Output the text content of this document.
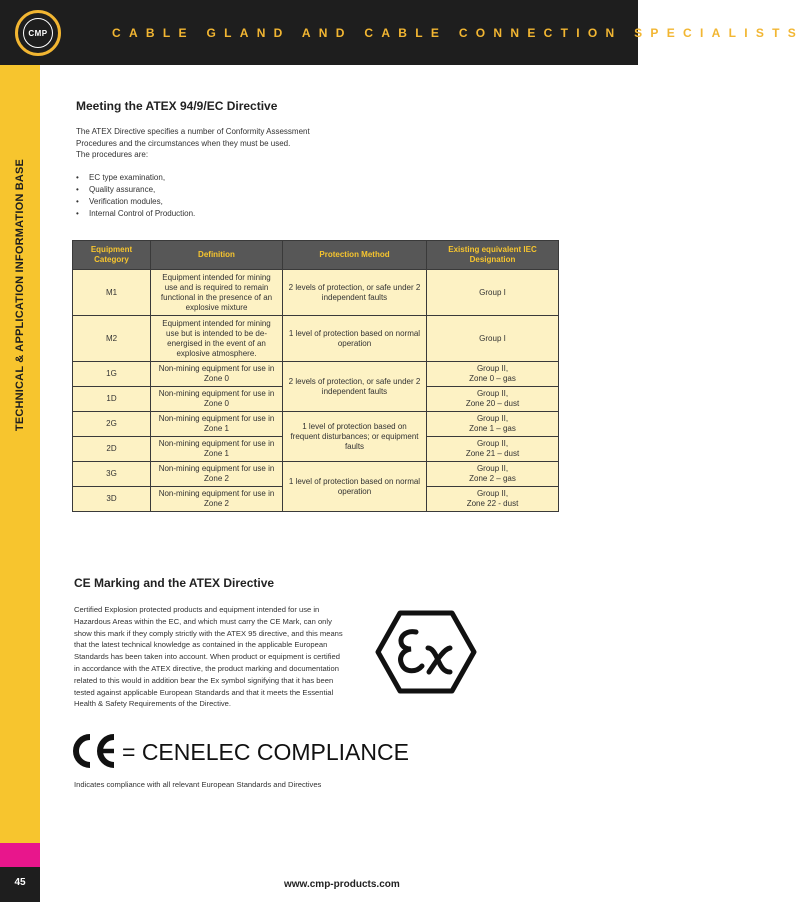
CMP	CABLE GLAND AND CABLE CONNECTION SPECIALISTS
TECHNICAL & APPLICATION INFORMATION BASE
45	www.cmp-products.com
Meeting the ATEX 94/9/EC Directive

The ATEX Directive specifies a number of Conformity Assessment

Procedures and the circumstances when they must be used.

The procedures are:

• EC type examination,
• Quality assurance,
• Verification modules,
• Internal Control of Production.
Equipment Category	Definition	Protection Method	Existing equivalent IEC Designation
M1	Equipment intended for mining use and is required to remain functional in the presence of an explosive mixture	2 levels of protection, or safe under 2 independent faults	Group I
M2	Equipment intended for mining use but is intended to be de-energised in the event of an explosive atmosphere.	1 level of protection based on normal operation	Group I
1G	Non-mining equipment for use in Zone 0	2 levels of protection, or safe under 2 independent faults	Group II,
Zone 0 – gas

1D	Non-mining equipment for use in Zone 0		Group II,
Zone 20 – dust

2G	Non-mining equipment for use in Zone 1	1 level of protection based on frequent disturbances; or equipment faults	Group II,
Zone 1 – gas

2D	Non-mining equipment for use in Zone 1		Group II,
Zone 21 – dust

3G	Non-mining equipment for use in Zone 2	1 level of protection based on normal operation	Group II,
Zone 2 – gas

3D	Non-mining equipment for use in Zone 2		Group II,
Zone 22 - dust
CE Marking and the ATEX Directive
Certified Explosion protected products and equipment intended for use in
Hazardous Areas within the EC, and which must carry the CE Mark, can only
show this mark if they comply strictly with the ATEX 95 directive, and this means
that the latest technical knowledge as contained in the applicable European
Standards has been taken into account. When product or equipment is certified
in accordance with the ATEX directive, the product marking and documentation
related to this would in addition bear the Ex symbol signifying that it has been
tested against applicable European Standards and that it meets the Essential
Health & Safety Requirements of the Directive.
= CENELEC COMPLIANCE
Indicates compliance with all relevant European Standards and Directives
